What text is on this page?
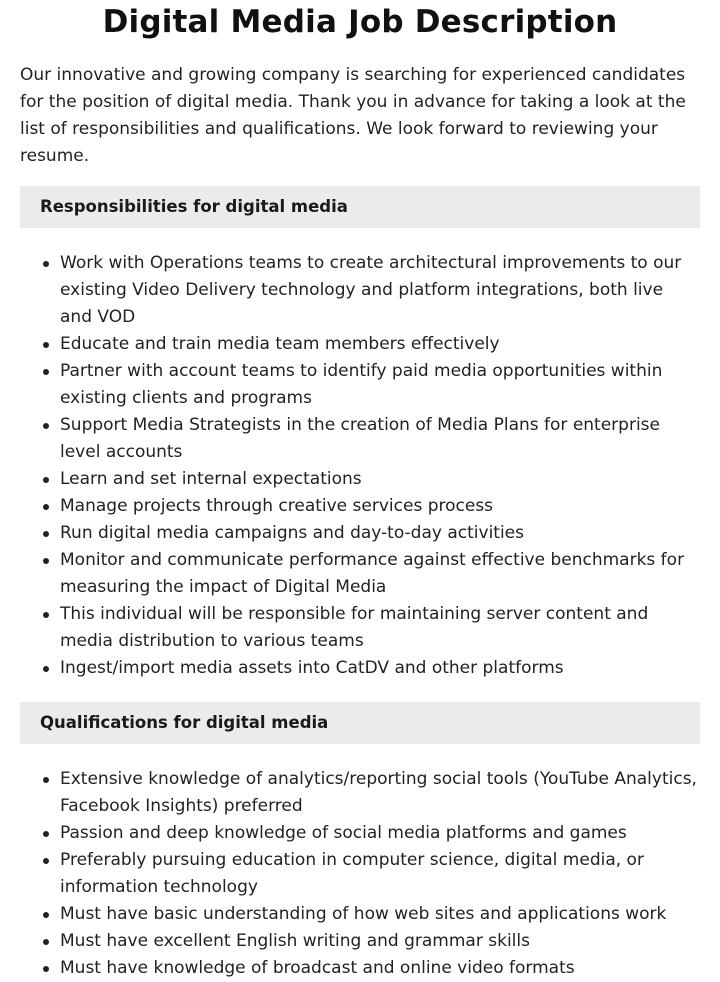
Digital Media Job Description

Our innovative and growing company is searching for experienced candidates for the position of digital media. Thank you in advance for taking a look at the list of responsibilities and qualifications. We look forward to reviewing your resume.

Responsibilities for digital media
Work with Operations teams to create architectural improvements to our existing Video Delivery technology and platform integrations, both live and VOD
Educate and train media team members effectively
Partner with account teams to identify paid media opportunities within existing clients and programs
Support Media Strategists in the creation of Media Plans for enterprise level accounts
Learn and set internal expectations
Manage projects through creative services process
Run digital media campaigns and day-to-day activities
Monitor and communicate performance against effective benchmarks for measuring the impact of Digital Media
This individual will be responsible for maintaining server content and media distribution to various teams
Ingest/import media assets into CatDV and other platforms
Qualifications for digital media
Extensive knowledge of analytics/reporting social tools (YouTube Analytics, Facebook Insights) preferred
Passion and deep knowledge of social media platforms and games
Preferably pursuing education in computer science, digital media, or information technology
Must have basic understanding of how web sites and applications work
Must have excellent English writing and grammar skills
Must have knowledge of broadcast and online video formats
